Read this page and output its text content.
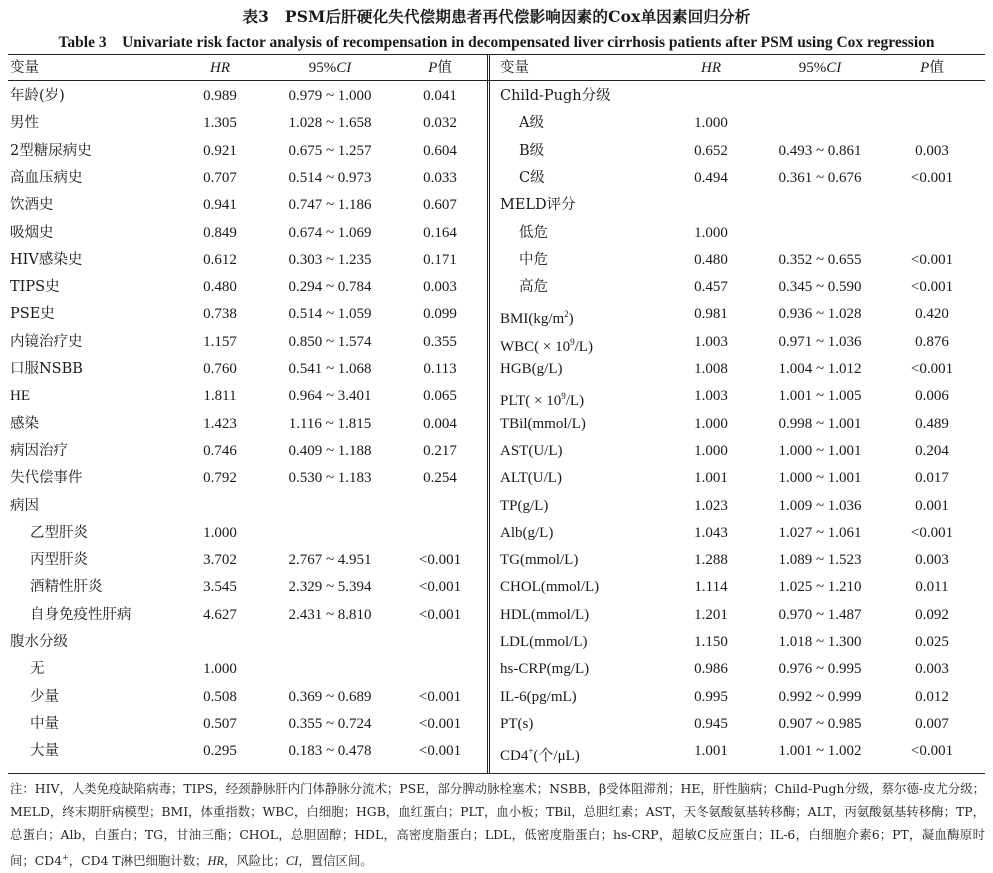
表3　PSM后肝硬化失代偿期患者再代偿影响因素的Cox单因素回归分析
Table 3　Univariate risk factor analysis of recompensation in decompensated liver cirrhosis patients after PSM using Cox regression
变量	HR	95%CI	P值	变量	HR	95%CI	P值
年龄(岁)	0.989	0.979 ~ 1.000	0.041
男性	1.305	1.028 ~ 1.658	0.032
2型糖尿病史	0.921	0.675 ~ 1.257	0.604
高血压病史	0.707	0.514 ~ 0.973	0.033
饮酒史	0.941	0.747 ~ 1.186	0.607
吸烟史	0.849	0.674 ~ 1.069	0.164
HIV感染史	0.612	0.303 ~ 1.235	0.171
TIPS史	0.480	0.294 ~ 0.784	0.003
PSE史	0.738	0.514 ~ 1.059	0.099
内镜治疗史	1.157	0.850 ~ 1.574	0.355
口服NSBB	0.760	0.541 ~ 1.068	0.113
HE	1.811	0.964 ~ 3.401	0.065
感染	1.423	1.116 ~ 1.815	0.004
病因治疗	0.746	0.409 ~ 1.188	0.217
失代偿事件	0.792	0.530 ~ 1.183	0.254
病因
乙型肝炎	1.000
丙型肝炎	3.702	2.767 ~ 4.951	<0.001
酒精性肝炎	3.545	2.329 ~ 5.394	<0.001
自身免疫性肝病	4.627	2.431 ~ 8.810	<0.001
腹水分级
无	1.000
少量	0.508	0.369 ~ 0.689	<0.001
中量	0.507	0.355 ~ 0.724	<0.001
大量	0.295	0.183 ~ 0.478	<0.001
Child-Pugh分级
A级	1.000
B级	0.652	0.493 ~ 0.861	0.003
C级	0.494	0.361 ~ 0.676	<0.001
MELD评分
低危	1.000
中危	0.480	0.352 ~ 0.655	<0.001
高危	0.457	0.345 ~ 0.590	<0.001
$BMI(kg/m^2)$	0.981	0.936 ~ 1.028	0.420
$WBC( \times 10^9/L)$	1.003	0.971 ~ 1.036	0.876
HGB(g/L)	1.008	1.004 ~ 1.012	<0.001
$PLT( \times 10^9/L)$	1.003	1.001 ~ 1.005	0.006
TBil(mmol/L)	1.000	0.998 ~ 1.001	0.489
AST(U/L)	1.000	1.000 ~ 1.001	0.204
ALT(U/L)	1.001	1.000 ~ 1.001	0.017
TP(g/L)	1.023	1.009 ~ 1.036	0.001
Alb(g/L)	1.043	1.027 ~ 1.061	<0.001
TG(mmol/L)	1.288	1.089 ~ 1.523	0.003
CHOL(mmol/L)	1.114	1.025 ~ 1.210	0.011
HDL(mmol/L)	1.201	0.970 ~ 1.487	0.092
LDL(mmol/L)	1.150	1.018 ~ 1.300	0.025
hs-CRP(mg/L)	0.986	0.976 ~ 0.995	0.003
IL-6(pg/mL)	0.995	0.992 ~ 0.999	0.012
PT(s)	0.945	0.907 ~ 0.985	0.007
CD4+(个/μL)	1.001	1.001 ~ 1.002	<0.001
注：HIV，人类免疫缺陷病毒；TIPS，经颈静脉肝内门体静脉分流术；PSE，部分脾动脉栓塞术；NSBB，β受体阻滞剂；HE，肝性脑病；Child-Pugh分级，蔡尔德-皮尤分级；MELD，终末期肝病模型；BMI，体重指数；WBC，白细胞；HGB，血红蛋白；PLT，血小板；TBil，总胆红素；AST，天冬氨酸氨基转移酶；ALT，丙氨酸氨基转移酶；TP，总蛋白；Alb，白蛋白；TG，甘油三酯；CHOL，总胆固醇；HDL，高密度脂蛋白；LDL，低密度脂蛋白；hs-CRP，超敏C反应蛋白；IL-6，白细胞介素6；PT，凝血酶原时间；CD4+，CD4 T淋巴细胞计数；HR，风险比；CI，置信区间。
